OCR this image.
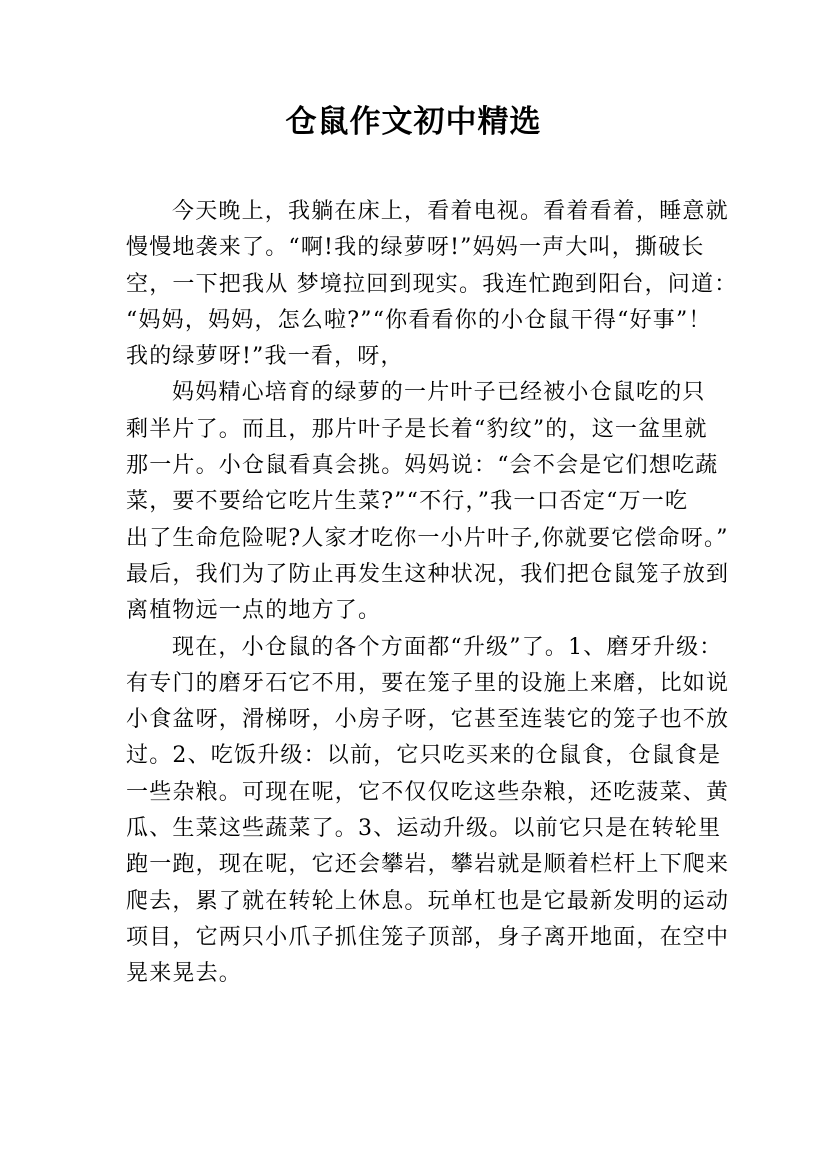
仓鼠作文初中精选
今天晚上，我躺在床上，看着电视。看着看着，睡意就
慢慢地袭来了。“啊!我的绿萝呀!”妈妈一声大叫，撕破长
空，一下把我从 梦境拉回到现实。我连忙跑到阳台，问道：
“妈妈，妈妈，怎么啦?”“你看看你的小仓鼠干得“好事”！
我的绿萝呀!”我一看，呀，
妈妈精心培育的绿萝的一片叶子已经被小仓鼠吃的只
剩半片了。而且，那片叶子是长着“豹纹”的，这一盆里就
那一片。小仓鼠看真会挑。妈妈说：“会不会是它们想吃蔬
菜，要不要给它吃片生菜?”“不行，”我一口否定“万一吃
出了生命危险呢?人家才吃你一小片叶子,你就要它偿命呀。”
最后，我们为了防止再发生这种状况，我们把仓鼠笼子放到
离植物远一点的地方了。
现在，小仓鼠的各个方面都“升级”了。1、磨牙升级：
有专门的磨牙石它不用，要在笼子里的设施上来磨，比如说
小食盆呀，滑梯呀，小房子呀，它甚至连装它的笼子也不放
过。2、吃饭升级：以前，它只吃买来的仓鼠食，仓鼠食是
一些杂粮。可现在呢，它不仅仅吃这些杂粮，还吃菠菜、黄
瓜、生菜这些蔬菜了。3、运动升级。以前它只是在转轮里
跑一跑，现在呢，它还会攀岩，攀岩就是顺着栏杆上下爬来
爬去，累了就在转轮上休息。玩单杠也是它最新发明的运动
项目，它两只小爪子抓住笼子顶部，身子离开地面，在空中
晃来晃去。
